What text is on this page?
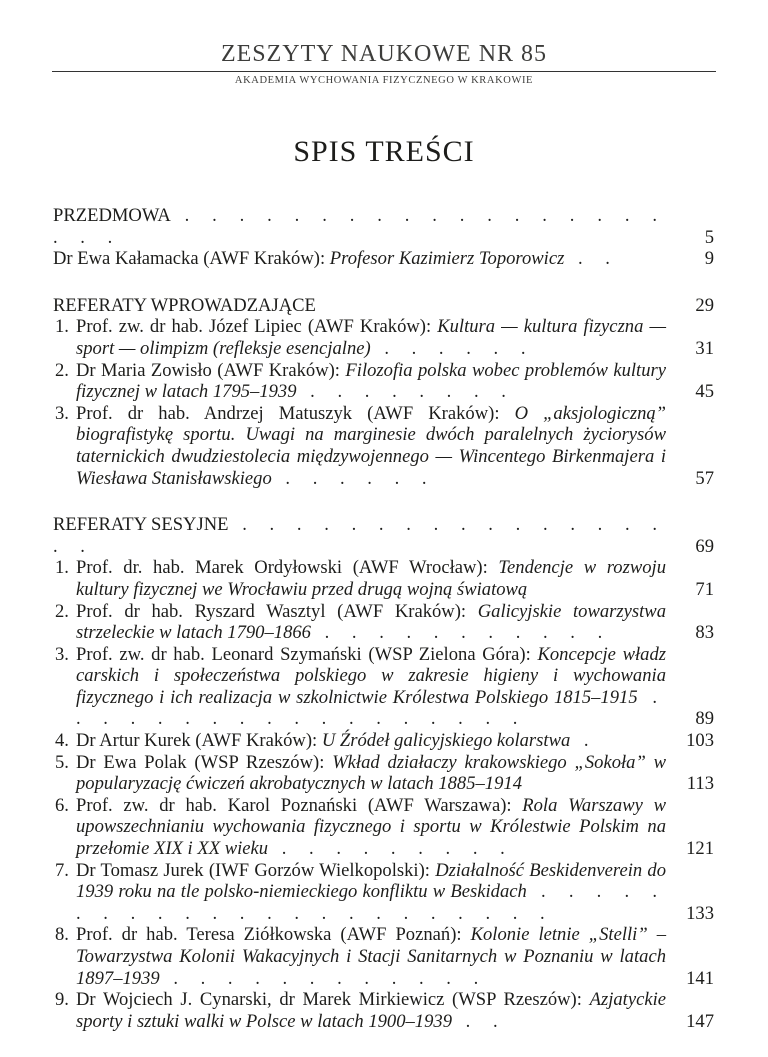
ZESZYTY NAUKOWE NR 85
AKADEMIA WYCHOWANIA FIZYCZNEGO W KRAKOWIE
SPIS TREŚCI
PRZEDMOWA . . . . . . . . . . . . . . . . . . . . .	5
Dr Ewa Kałamacka (AWF Kraków): Profesor Kazimierz Toporowicz . .	9
REFERATY WPROWADZAJĄCE	29
1. Prof. zw. dr hab. Józef Lipiec (AWF Kraków): Kultura — kultura fizyczna — sport — olimpizm (refleksje esencjalne) . . . . . .	31
2. Dr Maria Zowisło (AWF Kraków): Filozofia polska wobec problemów kultury fizycznej w latach 1795–1939 . . . . . . . .	45
3. Prof. dr hab. Andrzej Matuszyk (AWF Kraków): O „aksjologiczną” biografistykę sportu. Uwagi na marginesie dwóch paralelnych życiorysów taternickich dwudziestolecia międzywojennego — Wincentego Birkenmajera i Wiesława Stanisławskiego . . . . . .	57
REFERATY SESYJNE . . . . . . . . . . . . . . . . . .	69
1. Prof. dr. hab. Marek Ordyłowski (AWF Wrocław): Tendencje w rozwoju kultury fizycznej we Wrocławiu przed drugą wojną światową	71
2. Prof. dr hab. Ryszard Wasztyl (AWF Kraków): Galicyjskie towarzystwa strzeleckie w latach 1790–1866 . . . . . . . . . . .	83
3. Prof. zw. dr hab. Leonard Szymański (WSP Zielona Góra): Koncepcje władz carskich i społeczeństwa polskiego w zakresie higieny i wychowania fizycznego i ich realizacja w szkolnictwie Królestwa Polskiego 1815–1915 . . . . . . . . . . . . . . . . . .	89
4. Dr Artur Kurek (AWF Kraków): U Źródeł galicyjskiego kolarstwa .	103
5. Dr Ewa Polak (WSP Rzeszów): Wkład działaczy krakowskiego „Sokoła” w popularyzację ćwiczeń akrobatycznych w latach 1885–1914	113
6. Prof. zw. dr hab. Karol Poznański (AWF Warszawa): Rola Warszawy w upowszechnianiu wychowania fizycznego i sportu w Królestwie Polskim na przełomie XIX i XX wieku . . . . . . . . .	121
7. Dr Tomasz Jurek (IWF Gorzów Wielkopolski): Działalność Beskidenverein do 1939 roku na tle polsko-niemieckiego konfliktu w Beskidach . . . . . . . . . . . . . . . . . . . . . . .	133
8. Prof. dr hab. Teresa Ziółkowska (AWF Poznań): Kolonie letnie „Stelli” – Towarzystwa Kolonii Wakacyjnych i Stacji Sanitarnych w Poznaniu w latach 1897–1939 . . . . . . . . . . . .	141
9. Dr Wojciech J. Cynarski, dr Marek Mirkiewicz (WSP Rzeszów): Azjatyckie sporty i sztuki walki w Polsce w latach 1900–1939 . .	147
